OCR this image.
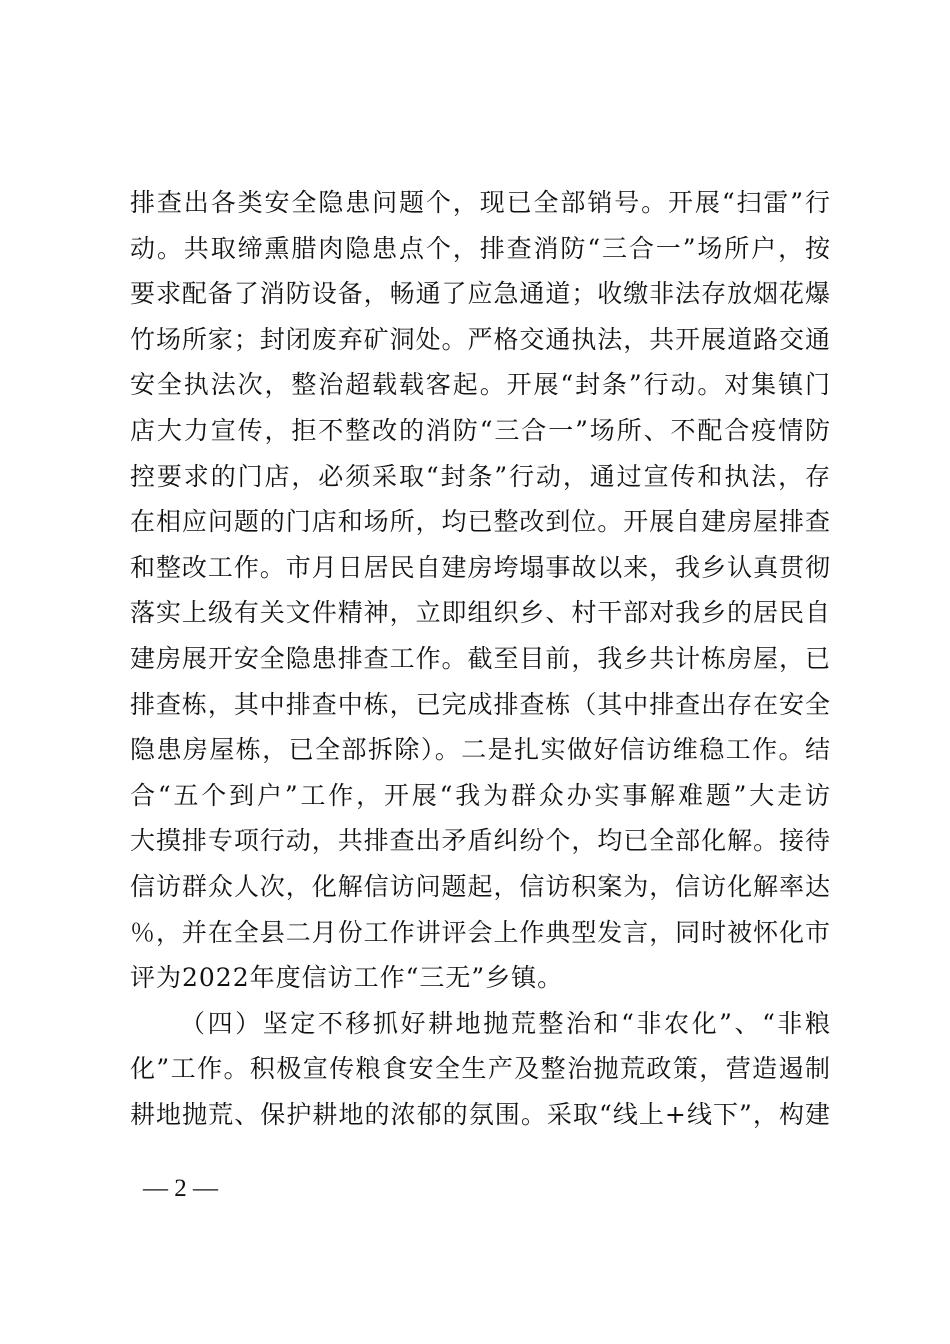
排查出各类安全隐患问题个，现已全部销号。开展“扫雷”行
动。共取缔熏腊肉隐患点个，排查消防“三合一”场所户，按
要求配备了消防设备，畅通了应急通道；收缴非法存放烟花爆
竹场所家；封闭废弃矿洞处。严格交通执法，共开展道路交通
安全执法次，整治超载载客起。开展“封条”行动。对集镇门
店大力宣传，拒不整改的消防“三合一”场所、不配合疫情防
控要求的门店，必须采取“封条”行动，通过宣传和执法，存
在相应问题的门店和场所，均已整改到位。开展自建房屋排查
和整改工作。市月日居民自建房垮塌事故以来，我乡认真贯彻
落实上级有关文件精神，立即组织乡、村干部对我乡的居民自
建房展开安全隐患排查工作。截至目前，我乡共计栋房屋，已
排查栋，其中排查中栋，已完成排查栋（其中排查出存在安全
隐患房屋栋，已全部拆除）。二是扎实做好信访维稳工作。结
合“五个到户”工作，开展“我为群众办实事解难题”大走访
大摸排专项行动，共排查出矛盾纠纷个，均已全部化解。接待
信访群众人次，化解信访问题起，信访积案为，信访化解率达
％，并在全县二月份工作讲评会上作典型发言，同时被怀化市
评为2022年度信访工作“三无”乡镇。
（四）坚定不移抓好耕地抛荒整治和“非农化”、“非粮
化”工作。积极宣传粮食安全生产及整治抛荒政策，营造遏制
耕地抛荒、保护耕地的浓郁的氛围。采取“线上+线下”，构建
— 2 —
